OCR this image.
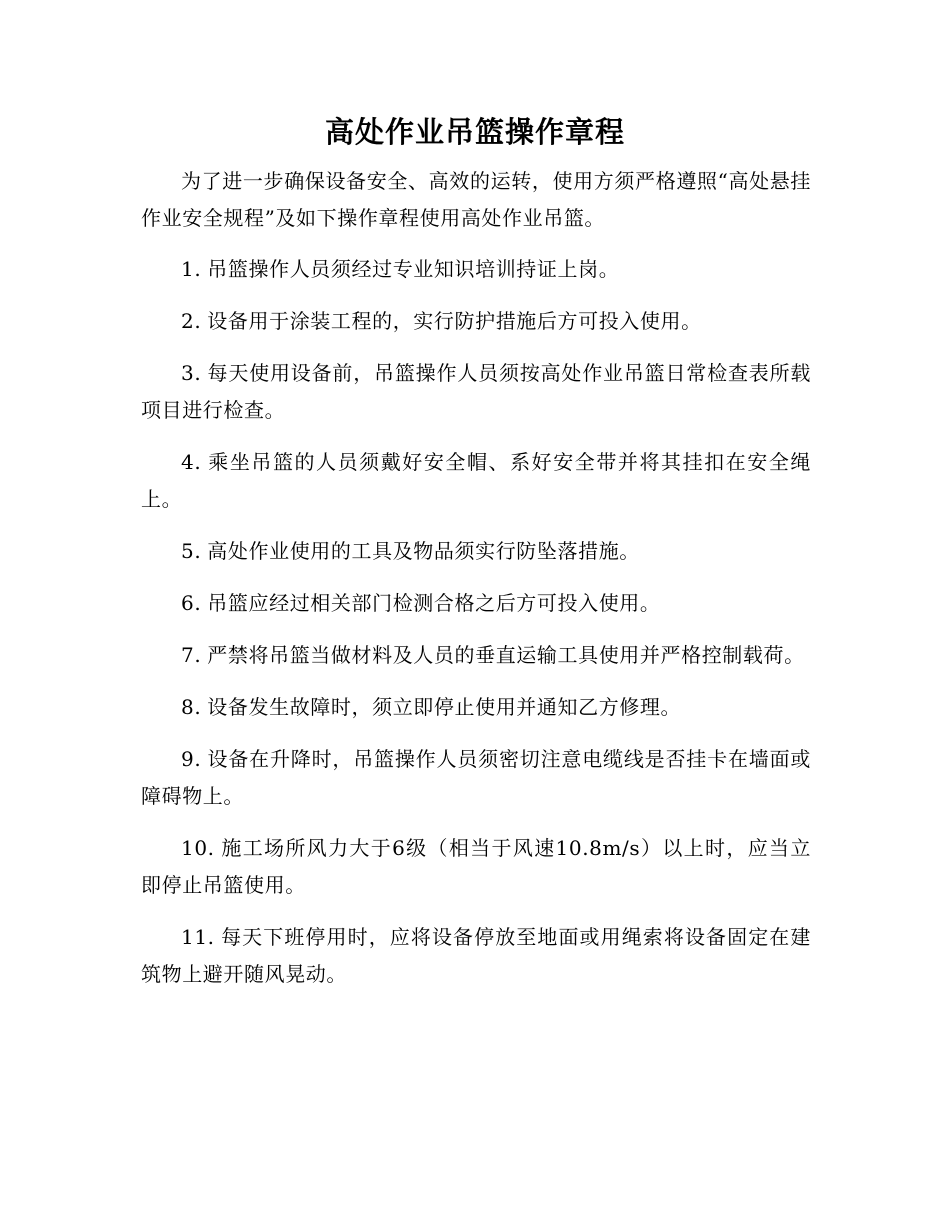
高处作业吊篮操作章程

为了进一步确保设备安全、高效的运转，使用方须严格遵照“高处悬挂作业安全规程”及如下操作章程使用高处作业吊篮。

1. 吊篮操作人员须经过专业知识培训持证上岗。

2. 设备用于涂装工程的，实行防护措施后方可投入使用。

3. 每天使用设备前，吊篮操作人员须按高处作业吊篮日常检查表所载项目进行检查。

4. 乘坐吊篮的人员须戴好安全帽、系好安全带并将其挂扣在安全绳上。

5. 高处作业使用的工具及物品须实行防坠落措施。

6. 吊篮应经过相关部门检测合格之后方可投入使用。

7. 严禁将吊篮当做材料及人员的垂直运输工具使用并严格控制载荷。

8. 设备发生故障时，须立即停止使用并通知乙方修理。

9. 设备在升降时，吊篮操作人员须密切注意电缆线是否挂卡在墙面或障碍物上。

10. 施工场所风力大于6级（相当于风速10.8m/s）以上时，应当立即停止吊篮使用。

11. 每天下班停用时，应将设备停放至地面或用绳索将设备固定在建筑物上避开随风晃动。
